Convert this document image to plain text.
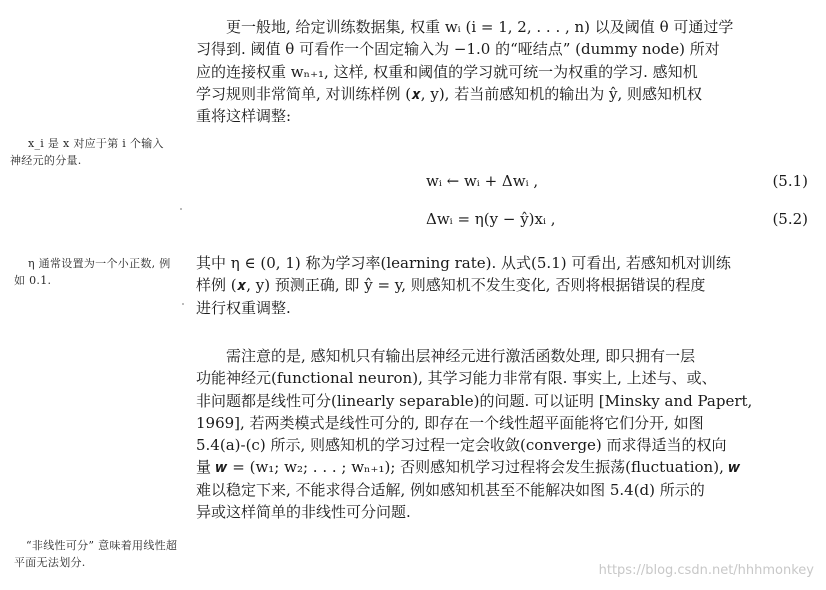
x_i 是 x 对应于第 i 个输入神经元的分量.
η 通常设置为一个小正数, 例如 0.1.
“非线性可分” 意味着用线性超平面无法划分.
更一般地, 给定训练数据集, 权重 wᵢ (i = 1, 2, . . . , n) 以及阈值 θ 可通过学
习得到. 阈值 θ 可看作一个固定输入为 −1.0 的“哑结点” (dummy node) 所对
应的连接权重 wₙ₊₁, 这样, 权重和阈值的学习就可统一为权重的学习. 感知机
学习规则非常简单, 对训练样例 (𝒙, y), 若当前感知机的输出为 ŷ, 则感知机权
重将这样调整:
wᵢ ← wᵢ + Δwᵢ ,	(5.1)
Δwᵢ = η(y − ŷ)xᵢ ,	(5.2)
其中 η ∈ (0, 1) 称为学习率(learning rate). 从式(5.1) 可看出, 若感知机对训练
样例 (𝒙, y) 预测正确, 即 ŷ = y, 则感知机不发生变化, 否则将根据错误的程度
进行权重调整.
需注意的是, 感知机只有输出层神经元进行激活函数处理, 即只拥有一层
功能神经元(functional neuron), 其学习能力非常有限. 事实上, 上述与、或、
非问题都是线性可分(linearly separable)的问题. 可以证明 [Minsky and Papert,
1969], 若两类模式是线性可分的, 即存在一个线性超平面能将它们分开, 如图
5.4(a)-(c) 所示, 则感知机的学习过程一定会收敛(converge) 而求得适当的权向
量 𝒘 = (w₁; w₂; . . . ; wₙ₊₁); 否则感知机学习过程将会发生振荡(fluctuation), 𝒘
难以稳定下来, 不能求得合适解, 例如感知机甚至不能解决如图 5.4(d) 所示的
异或这样简单的非线性可分问题.
https://blog.csdn.net/hhhmonkey
